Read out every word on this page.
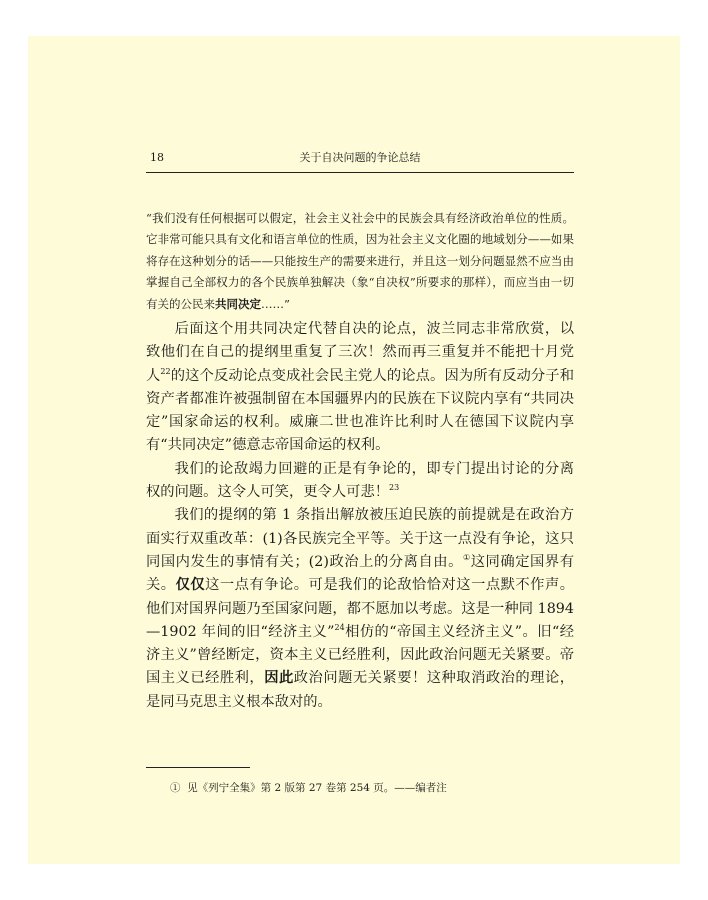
18	关于自决问题的争论总结

“我们没有任何根据可以假定，社会主义社会中的民族会具有经济政治单位的性质。它非常可能只具有文化和语言单位的性质，因为社会主义文化圈的地域划分——如果将存在这种划分的话——只能按生产的需要来进行，并且这一划分问题显然不应当由掌握自己全部权力的各个民族单独解决（象“自决权”所要求的那样），而应当由一切有关的公民来共同决定……”

后面这个用共同决定代替自决的论点，波兰同志非常欣赏，以致他们在自己的提纲里重复了三次！然而再三重复并不能把十月党人$^{22}$的这个反动论点变成社会民主党人的论点。因为所有反动分子和资产者都准许被强制留在本国疆界内的民族在下议院内享有“共同决定”国家命运的权利。威廉二世也准许比利时人在德国下议院内享有“共同决定”德意志帝国命运的权利。

我们的论敌竭力回避的正是有争论的，即专门提出讨论的分离权的问题。这令人可笑，更令人可悲！$^{23}$

我们的提纲的第 1 条指出解放被压迫民族的前提就是在政治方面实行双重改革：(1)各民族完全平等。关于这一点没有争论，这只同国内发生的事情有关；(2)政治上的分离自由。①这同确定国界有关。仅仅这一点有争论。可是我们的论敌恰恰对这一点默不作声。他们对国界问题乃至国家问题，都不愿加以考虑。这是一种同 1894—1902 年间的旧“经济主义”$^{24}$相仿的“帝国主义经济主义”。旧“经济主义”曾经断定，资本主义已经胜利，因此政治问题无关紧要。帝国主义已经胜利，因此政治问题无关紧要！这种取消政治的理论，是同马克思主义根本敌对的。

① 见《列宁全集》第 2 版第 27 卷第 254 页。——编者注
